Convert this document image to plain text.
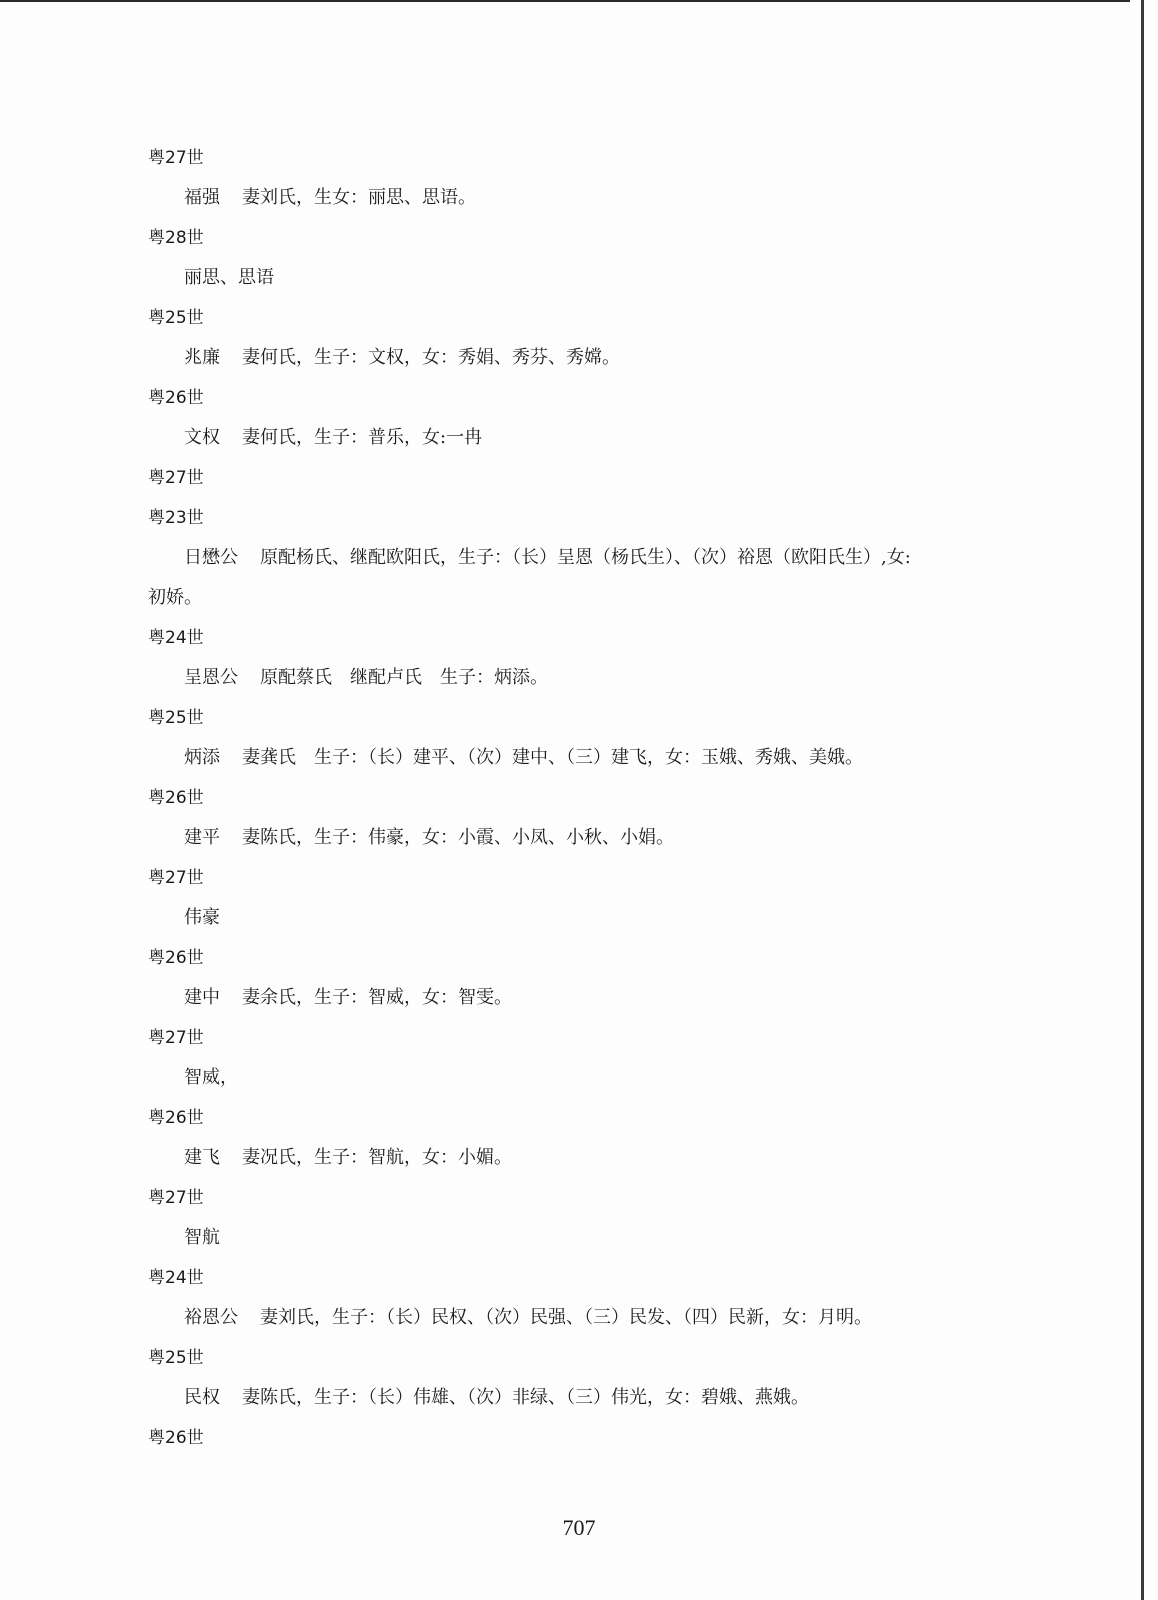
粤27世
福强 妻刘氏，生女：丽思、思语。
粤28世
丽思、思语
粤25世
兆廉 妻何氏，生子：文权，女：秀娟、秀芬、秀嫦。
粤26世
文权 妻何氏，生子：普乐，女:一冉
粤27世
粤23世
日懋公 原配杨氏、继配欧阳氏，生子：（长）呈恩（杨氏生）、（次）裕恩（欧阳氏生）,女:
初娇。
粤24世
呈恩公 原配蔡氏　继配卢氏　生子：炳添。
粤25世
炳添 妻龚氏　生子：（长）建平、（次）建中、（三）建飞，女：玉娥、秀娥、美娥。
粤26世
建平 妻陈氏，生子：伟豪，女：小霞、小凤、小秋、小娟。
粤27世
伟豪
粤26世
建中 妻余氏，生子：智威，女：智雯。
粤27世
智威，
粤26世
建飞 妻况氏，生子：智航，女：小媚。
粤27世
智航
粤24世
裕恩公 妻刘氏，生子：（长）民权、（次）民强、（三）民发、（四）民新，女：月明。
粤25世
民权 妻陈氏，生子：（长）伟雄、（次）非绿、（三）伟光，女：碧娥、燕娥。
粤26世
707
